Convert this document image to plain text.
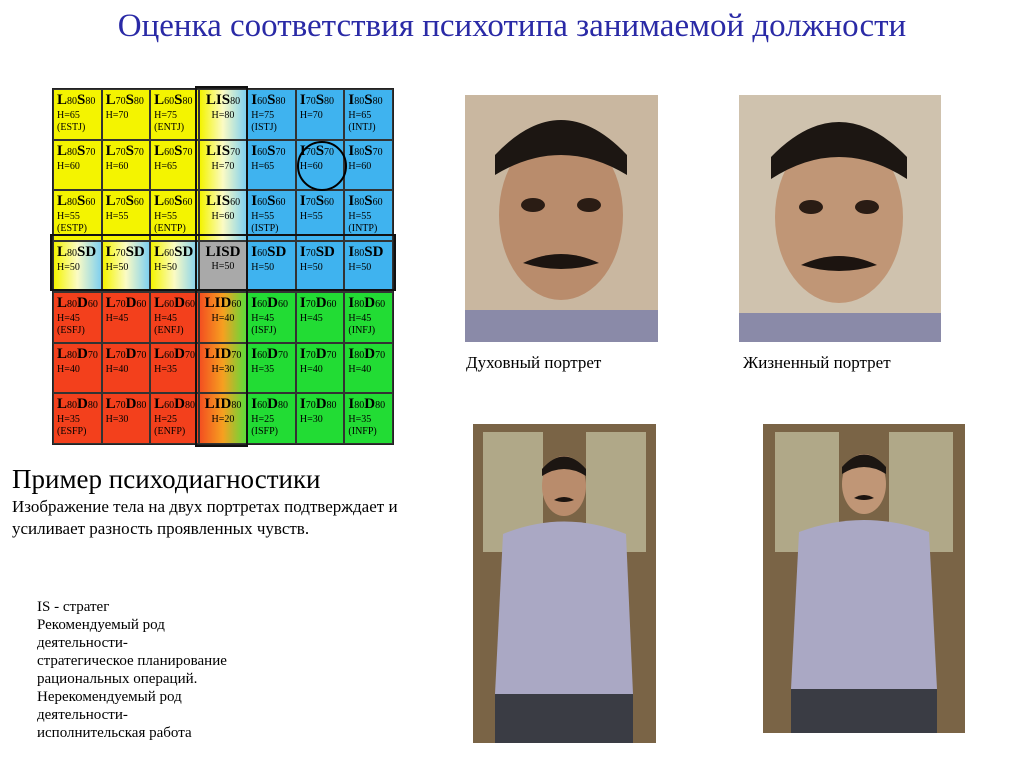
Оценка соответствия психотипа занимаемой должности
L80S80
H=65
(ESTJ)
L70S80
H=70
L60S80
H=75
(ENTJ)
LIS80
H=80
I60S80
H=75
(ISTJ)
I70S80
H=70
I80S80
H=65
(INTJ)
L80S70
H=60
L70S70
H=60
L60S70
H=65
LIS70
H=70
I60S70
H=65
I70S70
H=60
I80S70
H=60
L80S60
H=55
(ESTP)
L70S60
H=55
L60S60
H=55
(ENTP)
LIS60
H=60
I60S60
H=55
(ISTP)
I70S60
H=55
I80S60
H=55
(INTP)
L80SD
H=50
L70SD
H=50
L60SD
H=50
LISD
H=50
I60SD
H=50
I70SD
H=50
I80SD
H=50
L80D60
H=45
(ESFJ)
L70D60
H=45
L60D60
H=45
(ENFJ)
LID60
H=40
I60D60
H=45
(ISFJ)
I70D60
H=45
I80D60
H=45
(INFJ)
L80D70
H=40
L70D70
H=40
L60D70
H=35
LID70
H=30
I60D70
H=35
I70D70
H=40
I80D70
H=40
L80D80
H=35
(ESFP)
L70D80
H=30
L60D80
H=25
(ENFP)
LID80
H=20
I60D80
H=25
(ISFP)
I70D80
H=30
I80D80
H=35
(INFP)
Духовный портрет	Жизненный портрет
Пример психодиагностики
Изображение тела на двух портретах подтверждает и усиливает разность проявленных чувств.
IS - стратег
Рекомендуемый род
деятельности-
стратегическое планирование
рациональных операций.
Нерекомендуемый род
деятельности-
исполнительская работа
